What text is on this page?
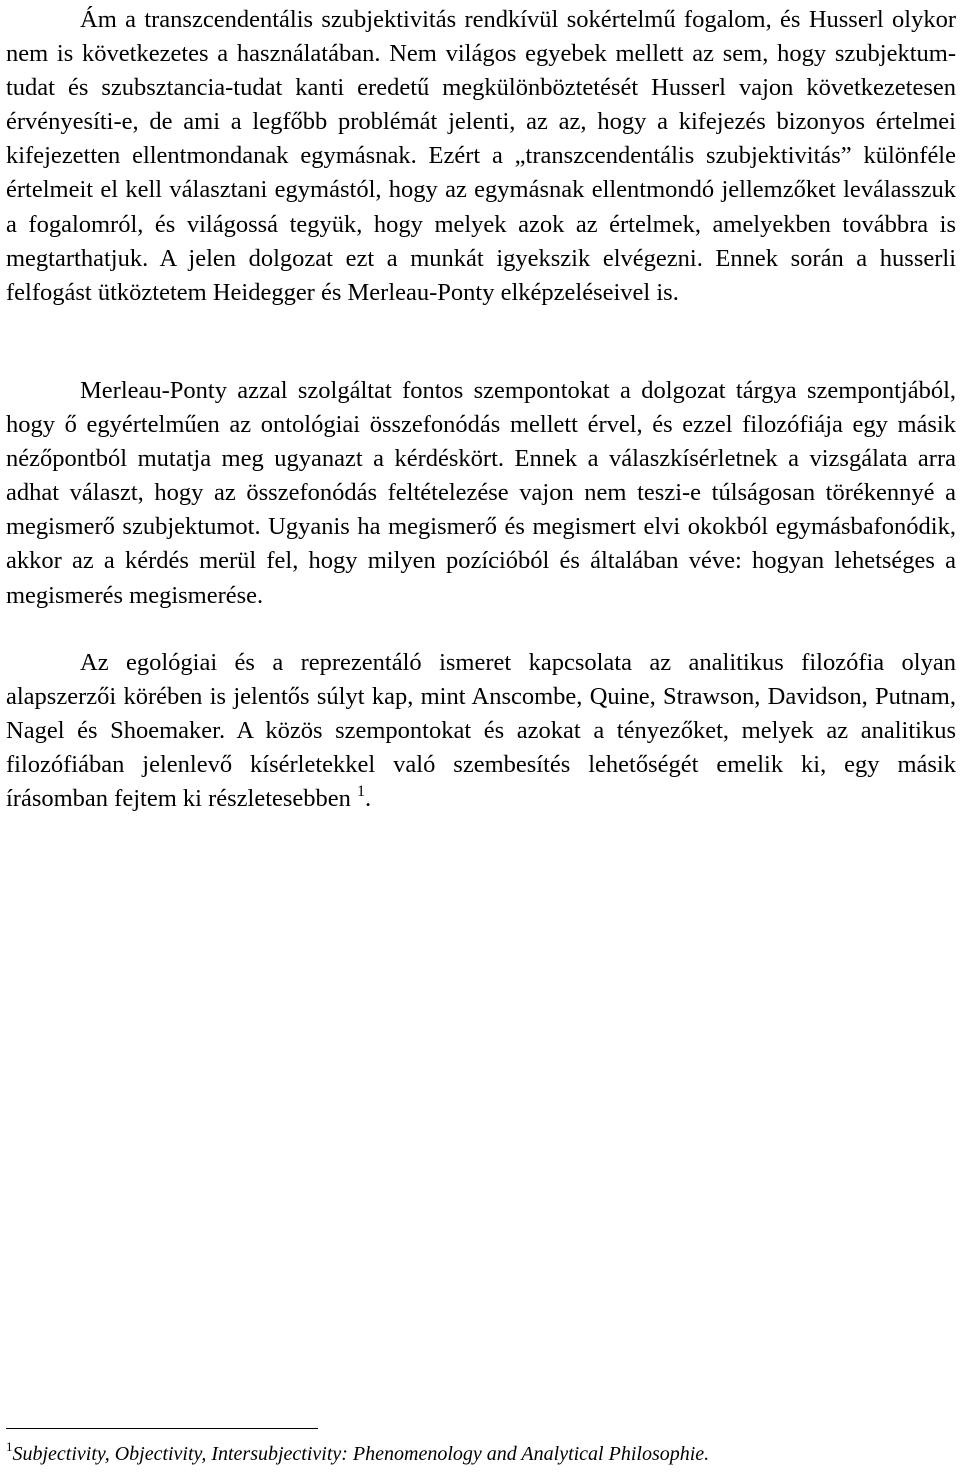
Ám a transzcendentális szubjektivitás rendkívül sokértelmű fogalom, és Husserl olykor nem is következetes a használatában. Nem világos egyebek mellett az sem, hogy szubjektum-tudat és szubsztancia-tudat kanti eredetű megkülönböztetését Husserl vajon következetesen érvényesíti-e, de ami a legfőbb problémát jelenti, az az, hogy a kifejezés bizonyos értelmei kifejezetten ellentmondanak egymásnak. Ezért a „transzcendentális szubjektivitás” különféle értelmeit el kell választani egymástól, hogy az egymásnak ellentmondó jellemzőket leválasszuk a fogalomról, és világossá tegyük, hogy melyek azok az értelmek, amelyekben továbbra is megtarthatjuk. A jelen dolgozat ezt a munkát igyekszik elvégezni. Ennek során a husserli felfogást ütköztetem Heidegger és Merleau-Ponty elképzeléseivel is.

Merleau-Ponty azzal szolgáltat fontos szempontokat a dolgozat tárgya szempontjából, hogy ő egyértelműen az ontológiai összefonódás mellett érvel, és ezzel filozófiája egy másik nézőpontból mutatja meg ugyanazt a kérdéskört. Ennek a válaszkísérletnek a vizsgálata arra adhat választ, hogy az összefonódás feltételezése vajon nem teszi-e túlságosan törékennyé a megismerő szubjektumot. Ugyanis ha megismerő és megismert elvi okokból egymásbafonódik, akkor az a kérdés merül fel, hogy milyen pozícióból és általában véve: hogyan lehetséges a megismerés megismerése.

Az egológiai és a reprezentáló ismeret kapcsolata az analitikus filozófia olyan alapszerzői körében is jelentős súlyt kap, mint Anscombe, Quine, Strawson, Davidson, Putnam, Nagel és Shoemaker. A közös szempontokat és azokat a tényezőket, melyek az analitikus filozófiában jelenlevő kísérletekkel való szembesítés lehetőségét emelik ki, egy másik írásomban fejtem ki részletesebben $^1$.

$^1$Subjectivity, Objectivity, Intersubjectivity: Phenomenology and Analytical Philosophie.
